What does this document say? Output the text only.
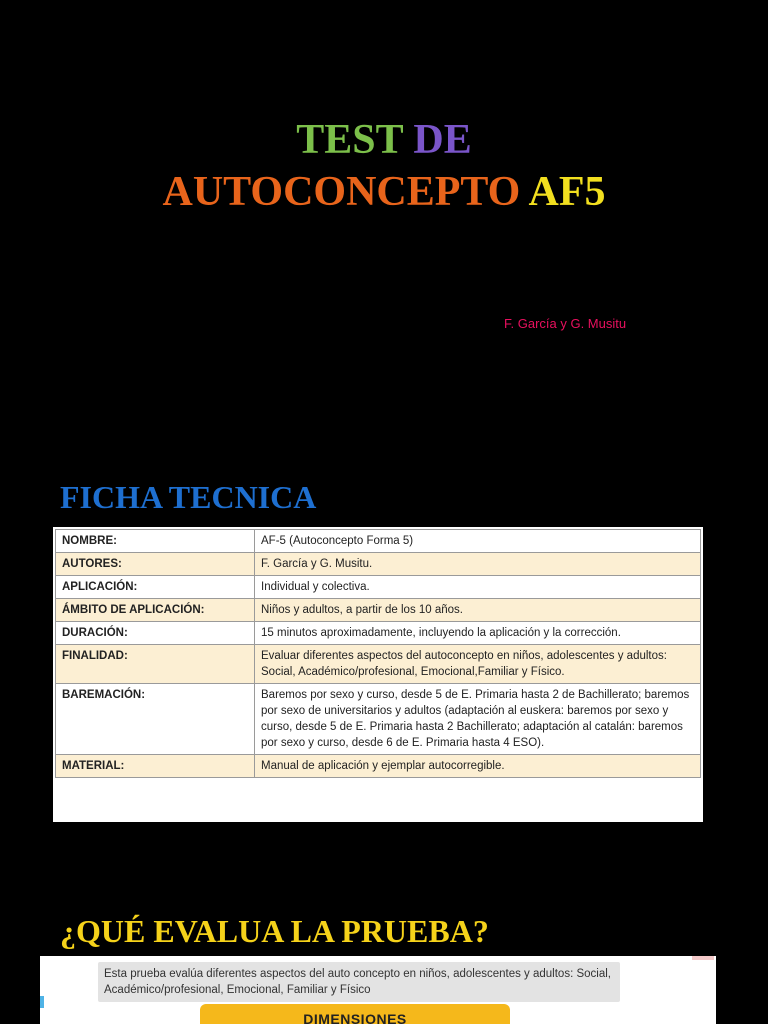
TEST DE
AUTOCONCEPTO AF5

F. García y G. Musitu

FICHA TECNICA
NOMBRE:	AF-5 (Autoconcepto Forma 5)
AUTORES:	F. García y G. Musitu.
APLICACIÓN:	Individual y colectiva.
ÁMBITO DE APLICACIÓN:	Niños y adultos, a partir de los 10 años.
DURACIÓN:	15 minutos aproximadamente, incluyendo la aplicación y la corrección.
FINALIDAD:	Evaluar diferentes aspectos del autoconcepto en niños, adolescentes y adultos: Social, Académico/profesional, Emocional,Familiar y Físico.
BAREMACIÓN:	Baremos por sexo y curso, desde 5 de E. Primaria hasta 2 de Bachillerato; baremos por sexo de universitarios y adultos (adaptación al euskera: baremos por sexo y curso, desde 5 de E. Primaria hasta 2 Bachillerato; adaptación al catalán: baremos por sexo y curso, desde 6 de E. Primaria hasta 4 ESO).
MATERIAL:	Manual de aplicación y ejemplar autocorregible.
¿QUÉ EVALUA LA PRUEBA?
Esta prueba evalúa diferentes aspectos del auto concepto en niños, adolescentes y adultos: Social, Académico/profesional, Emocional, Familiar y Físico
DIMENSIONES
